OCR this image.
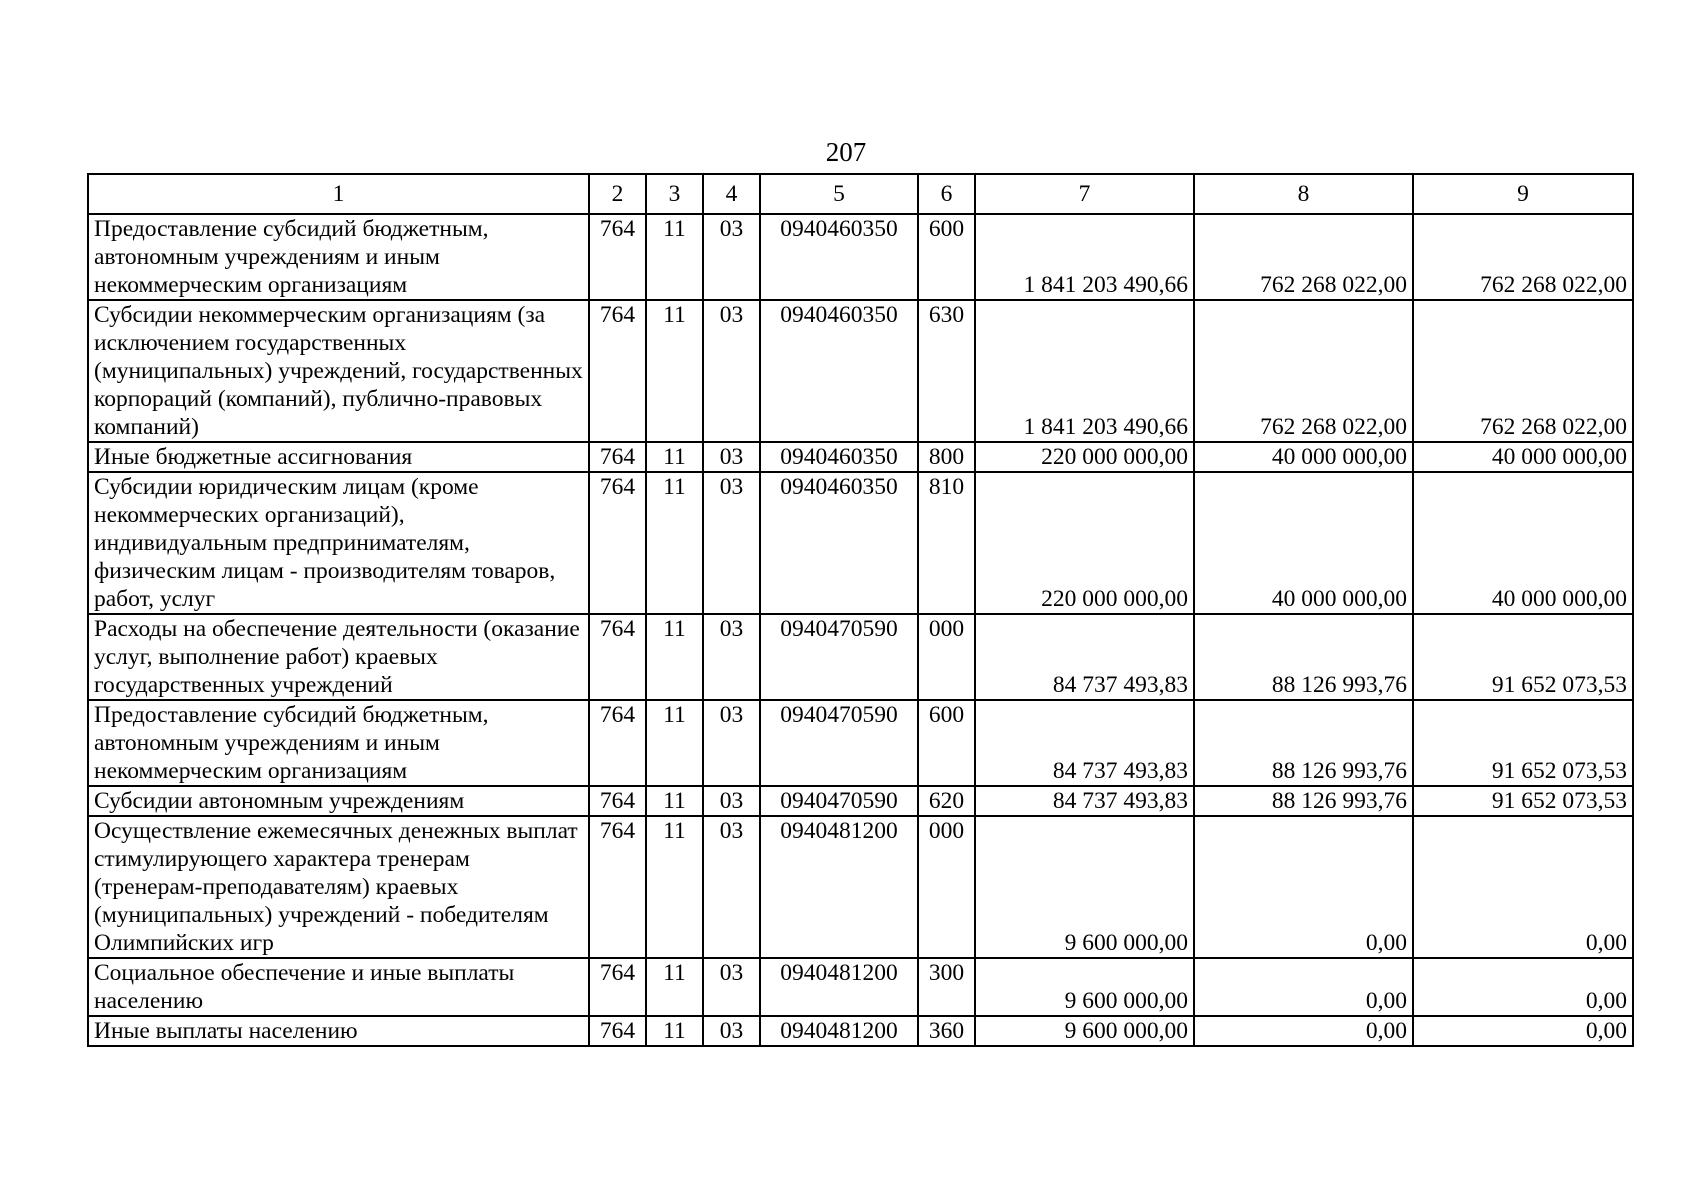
207
1	2	3	4	5	6	7	8	9
Предоставление субсидий бюджетным, автономным учреждениям и иным некоммерческим организациям	764	11	03	0940460350	600	1 841 203 490,66	762 268 022,00	762 268 022,00
Субсидии некоммерческим организациям (за исключением государственных (муниципальных) учреждений, государственных корпораций (компаний), публично-правовых компаний)	764	11	03	0940460350	630	1 841 203 490,66	762 268 022,00	762 268 022,00
Иные бюджетные ассигнования	764	11	03	0940460350	800	220 000 000,00	40 000 000,00	40 000 000,00
Субсидии юридическим лицам (кроме некоммерческих организаций), индивидуальным предпринимателям, физическим лицам - производителям товаров, работ, услуг	764	11	03	0940460350	810	220 000 000,00	40 000 000,00	40 000 000,00
Расходы на обеспечение деятельности (оказание услуг, выполнение работ) краевых государственных учреждений	764	11	03	0940470590	000	84 737 493,83	88 126 993,76	91 652 073,53
Предоставление субсидий бюджетным, автономным учреждениям и иным некоммерческим организациям	764	11	03	0940470590	600	84 737 493,83	88 126 993,76	91 652 073,53
Субсидии автономным учреждениям	764	11	03	0940470590	620	84 737 493,83	88 126 993,76	91 652 073,53
Осуществление ежемесячных денежных выплат стимулирующего характера тренерам (тренерам-преподавателям) краевых (муниципальных) учреждений - победителям Олимпийских игр	764	11	03	0940481200	000	9 600 000,00	0,00	0,00
Социальное обеспечение и иные выплаты населению	764	11	03	0940481200	300	9 600 000,00	0,00	0,00
Иные выплаты населению	764	11	03	0940481200	360	9 600 000,00	0,00	0,00
